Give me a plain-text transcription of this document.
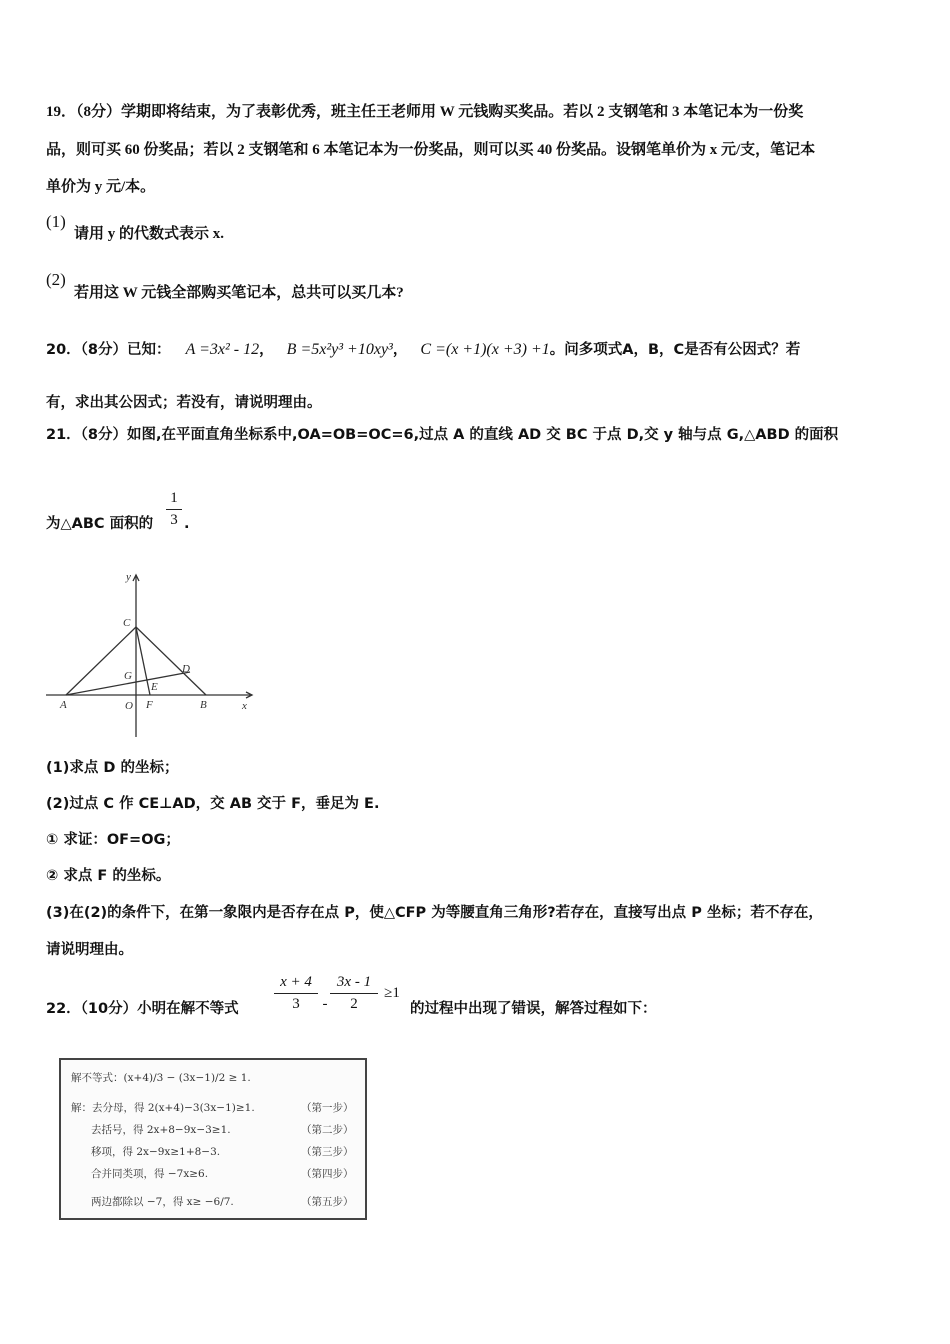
19．（8分）学期即将结束，为了表彰优秀，班主任王老师用 W 元钱购买奖品。若以 2 支钢笔和 3 本笔记本为一份奖
品，则可买 60 份奖品；若以 2 支钢笔和 6 本笔记本为一份奖品，则可以买 40 份奖品。设钢笔单价为 x 元/支，笔记本
单价为 y 元/本。
(1)
请用 y 的代数式表示 x.
(2)
若用这 W 元钱全部购买笔记本，总共可以买几本?
20．（8分）已知： A =3x² - 12， B =5x²y³ +10xy³， C =(x +1)(x +3) +1。问多项式A，B，C是否有公因式？若
有，求出其公因式；若没有，请说明理由。
21．（8分）如图,在平面直角坐标系中,OA=OB=OC=6,过点 A 的直线 AD 交 BC 于点 D,交 y 轴与点 G,△ABD 的面积
为△ABC 面积的
1
3 .
y
x
C
D
G
E
A	O F	B
(1)求点 D 的坐标；
(2)过点 C 作 CE⊥AD，交 AB 交于 F，垂足为 E.
① 求证：OF=OG；
② 求点 F 的坐标。
(3)在(2)的条件下，在第一象限内是否存在点 P，使△CFP 为等腰直角三角形?若存在，直接写出点 P 坐标；若不存在，
请说明理由。
22．（10分）小明在解不等式
x + 4
3	-
3x - 1
2
≥1
的过程中出现了错误，解答过程如下：
解不等式：(x+4)/3 − (3x−1)/2 ≥ 1.
解：去分母，得 2(x+4)−3(3x−1)≥1.	（第一步）
去括号，得 2x+8−9x−3≥1.	（第二步）
移项，得 2x−9x≥1+8−3.	（第三步）
合并同类项，得 −7x≥6.	（第四步）
两边都除以 −7，得 x≥ −6/7.	（第五步）
